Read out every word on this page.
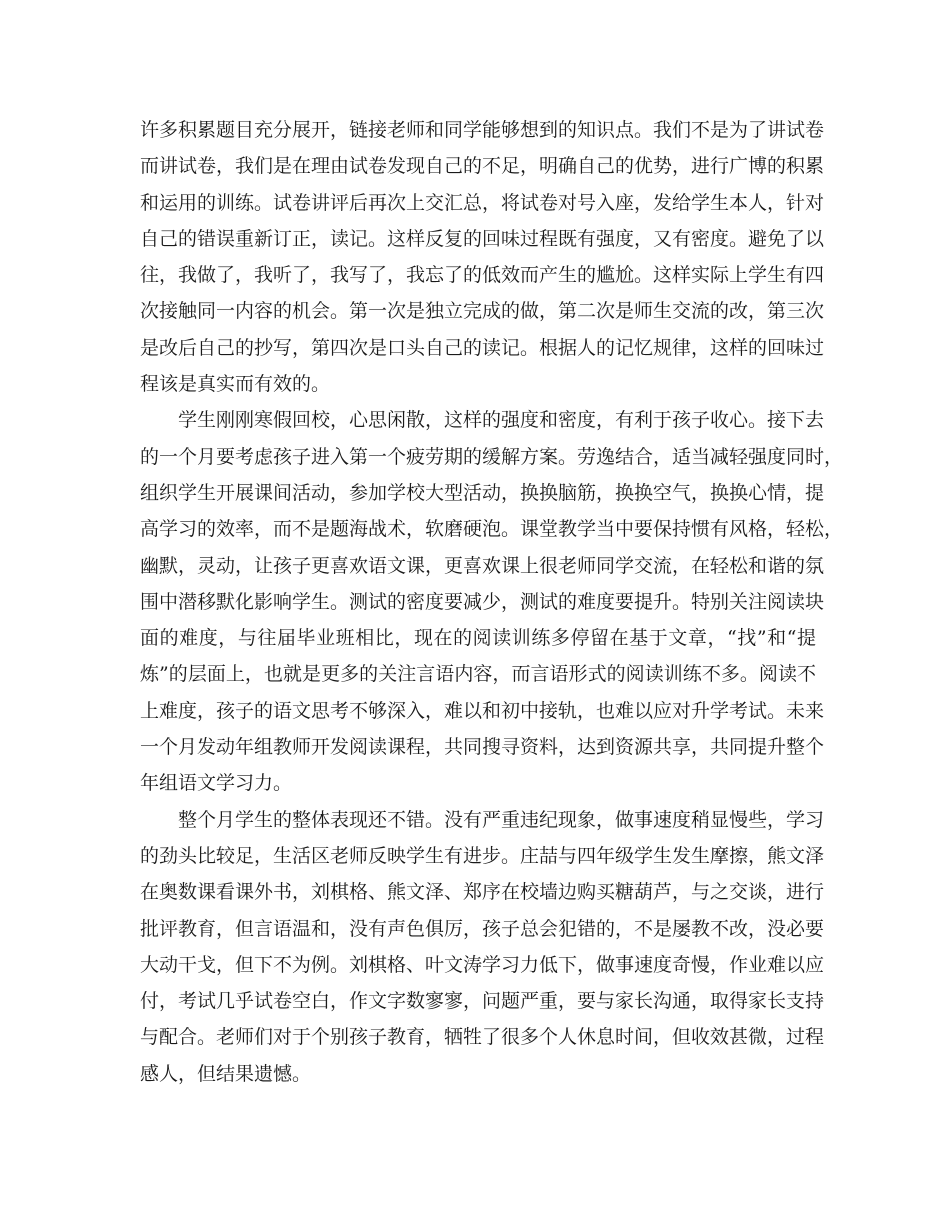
许多积累题目充分展开，链接老师和同学能够想到的知识点。我们不是为了讲试卷
而讲试卷，我们是在理由试卷发现自己的不足，明确自己的优势，进行广博的积累
和运用的训练。试卷讲评后再次上交汇总，将试卷对号入座，发给学生本人，针对
自己的错误重新订正，读记。这样反复的回味过程既有强度，又有密度。避免了以
往，我做了，我听了，我写了，我忘了的低效而产生的尴尬。这样实际上学生有四
次接触同一内容的机会。第一次是独立完成的做，第二次是师生交流的改，第三次
是改后自己的抄写，第四次是口头自己的读记。根据人的记忆规律，这样的回味过
程该是真实而有效的。
学生刚刚寒假回校，心思闲散，这样的强度和密度，有利于孩子收心。接下去
的一个月要考虑孩子进入第一个疲劳期的缓解方案。劳逸结合，适当减轻强度同时，
组织学生开展课间活动，参加学校大型活动，换换脑筋，换换空气，换换心情，提
高学习的效率，而不是题海战术，软磨硬泡。课堂教学当中要保持惯有风格，轻松，
幽默，灵动，让孩子更喜欢语文课，更喜欢课上很老师同学交流，在轻松和谐的氛
围中潜移默化影响学生。测试的密度要减少，测试的难度要提升。特别关注阅读块
面的难度，与往届毕业班相比，现在的阅读训练多停留在基于文章，“找”和“提
炼”的层面上，也就是更多的关注言语内容，而言语形式的阅读训练不多。阅读不
上难度，孩子的语文思考不够深入，难以和初中接轨，也难以应对升学考试。未来
一个月发动年组教师开发阅读课程，共同搜寻资料，达到资源共享，共同提升整个
年组语文学习力。
整个月学生的整体表现还不错。没有严重违纪现象，做事速度稍显慢些，学习
的劲头比较足，生活区老师反映学生有进步。庄喆与四年级学生发生摩擦，熊文泽
在奥数课看课外书，刘棋格、熊文泽、郑序在校墙边购买糖葫芦，与之交谈，进行
批评教育，但言语温和，没有声色俱厉，孩子总会犯错的，不是屡教不改，没必要
大动干戈，但下不为例。刘棋格、叶文涛学习力低下，做事速度奇慢，作业难以应
付，考试几乎试卷空白，作文字数寥寥，问题严重，要与家长沟通，取得家长支持
与配合。老师们对于个别孩子教育，牺牲了很多个人休息时间，但收效甚微，过程
感人，但结果遗憾。
